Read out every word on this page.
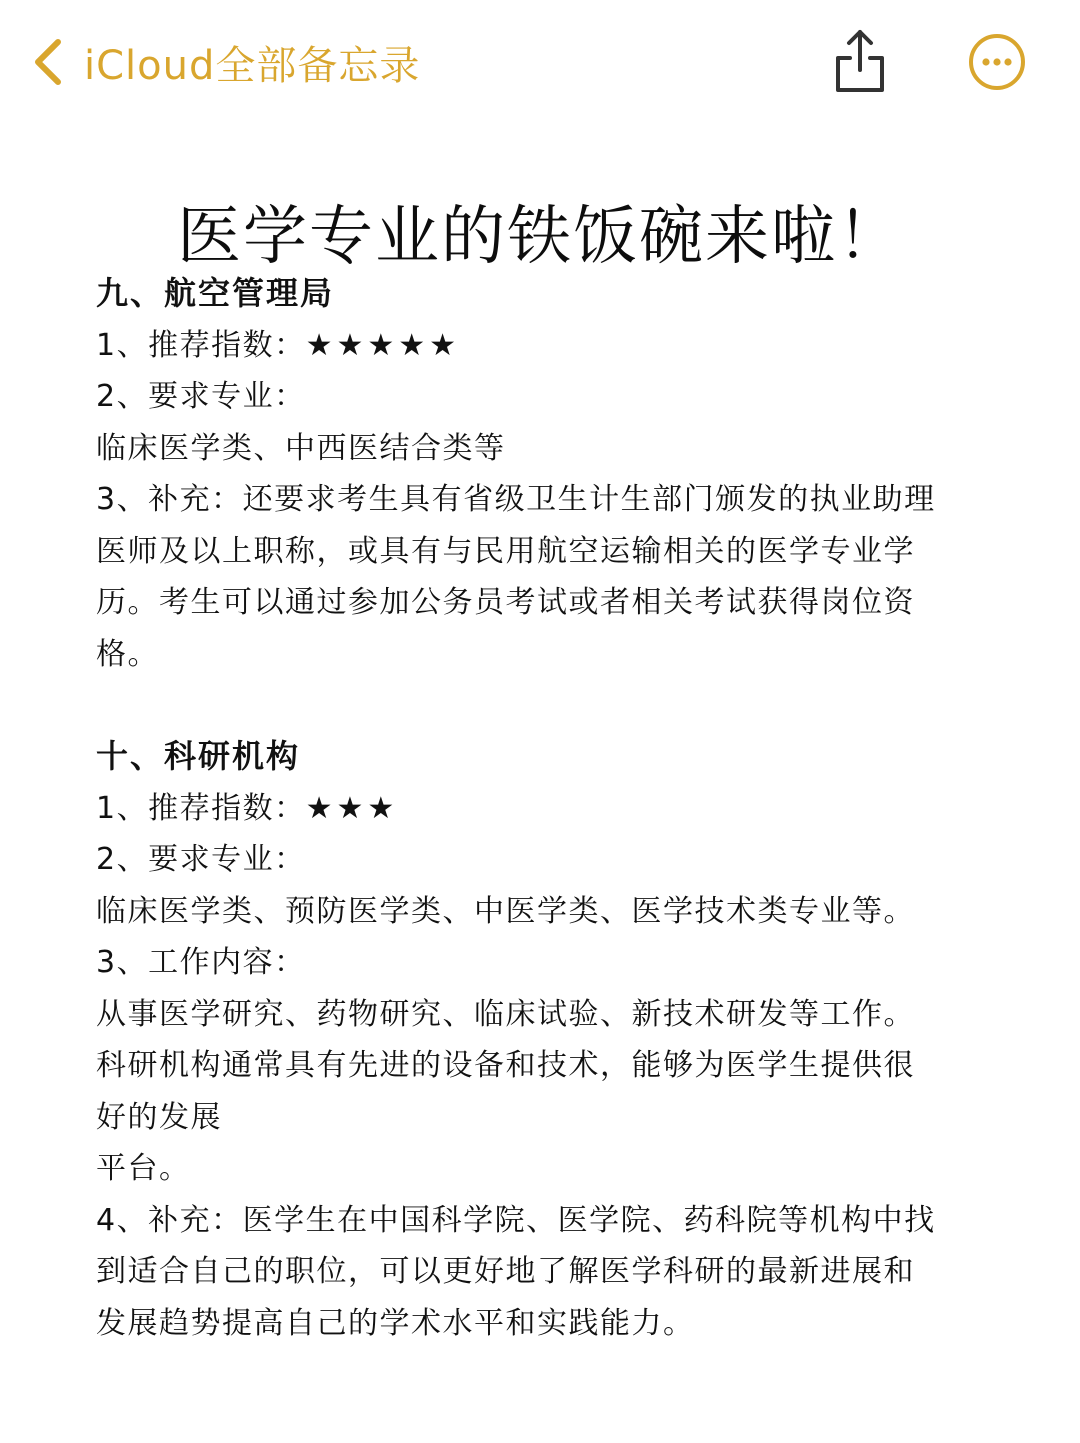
iCloud全部备忘录
医学专业的铁饭碗来啦！
九、航空管理局
1、推荐指数：★★★★★
2、要求专业：
临床医学类、中西医结合类等
3、补充：还要求考生具有省级卫生计生部门颁发的执业助理
医师及以上职称，或具有与民用航空运输相关的医学专业学
历。考生可以通过参加公务员考试或者相关考试获得岗位资
格。
十、科研机构
1、推荐指数：★★★
2、要求专业：
临床医学类、预防医学类、中医学类、医学技术类专业等。
3、工作内容：
从事医学研究、药物研究、临床试验、新技术研发等工作。
科研机构通常具有先进的设备和技术，能够为医学生提供很
好的发展
平台。
4、补充：医学生在中国科学院、医学院、药科院等机构中找
到适合自己的职位，可以更好地了解医学科研的最新进展和
发展趋势提高自己的学术水平和实践能力。
